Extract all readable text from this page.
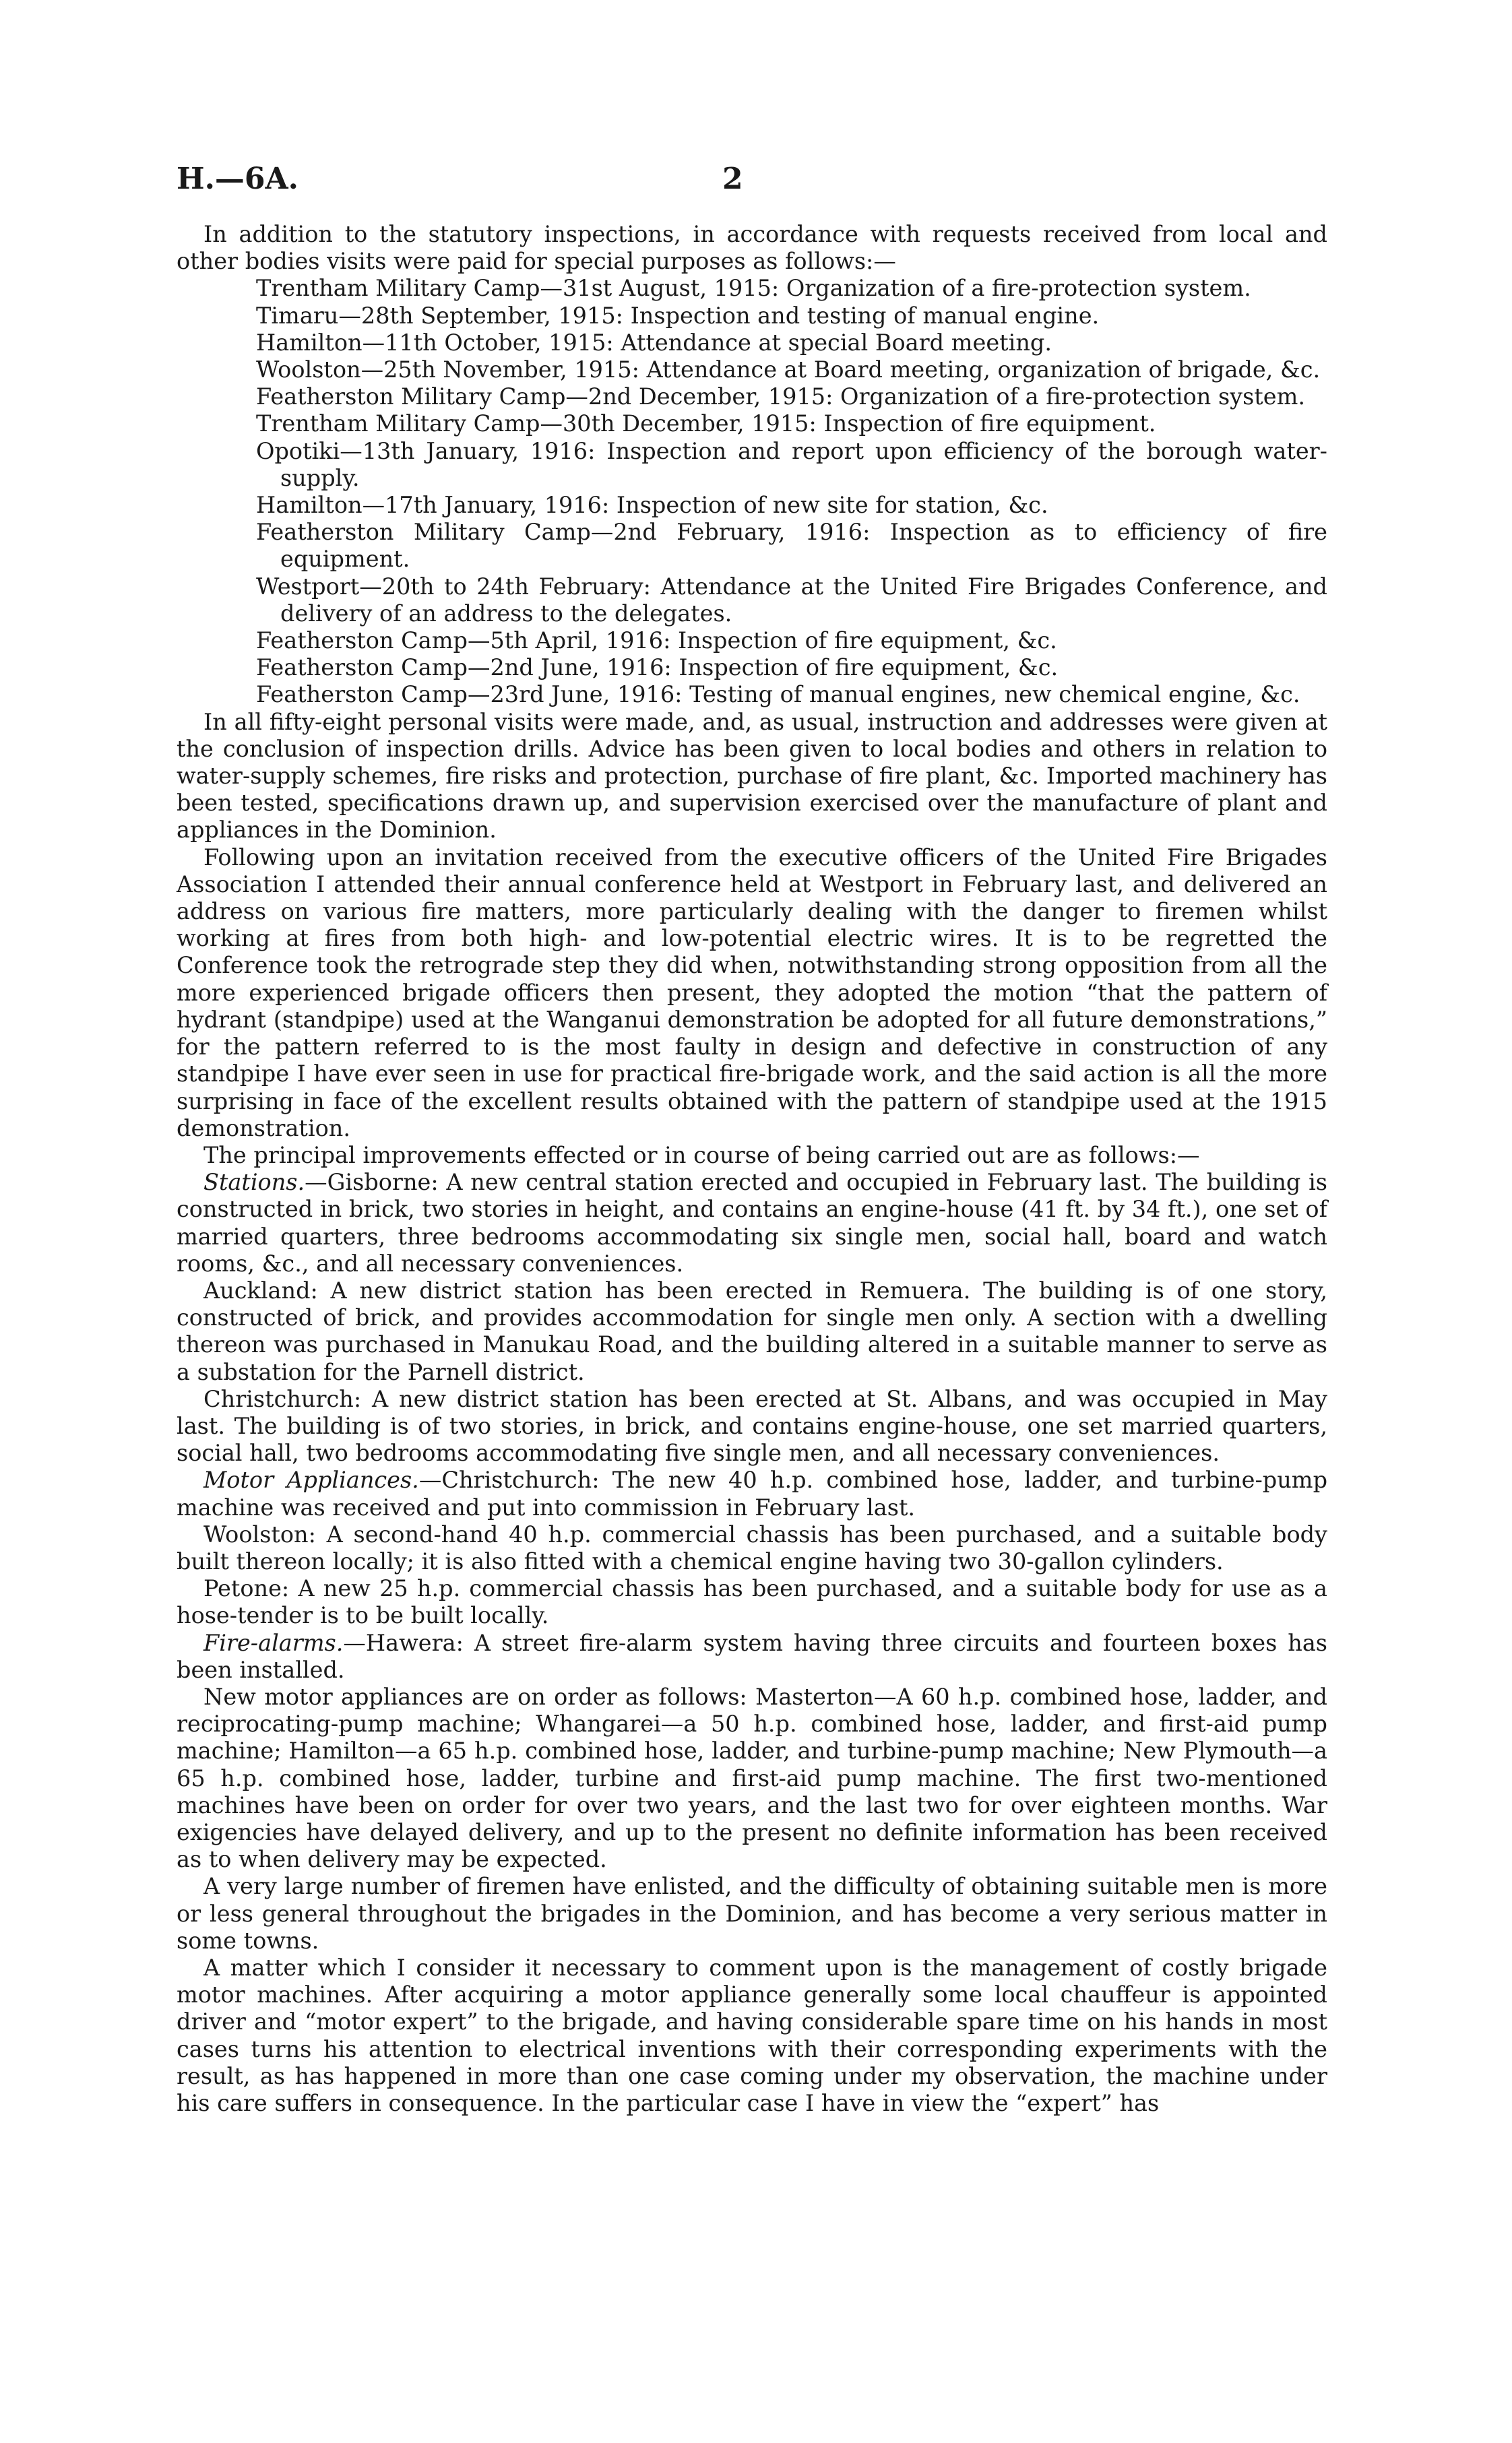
H.—6A.	2

In addition to the statutory inspections, in accordance with requests received from local and other bodies visits were paid for special purposes as follows:—

Trentham Military Camp—31st August, 1915: Organization of a fire-protection system.

Timaru—28th September, 1915: Inspection and testing of manual engine.

Hamilton—11th October, 1915: Attendance at special Board meeting.

Woolston—25th November, 1915: Attendance at Board meeting, organization of brigade, &c.

Featherston Military Camp—2nd December, 1915: Organization of a fire-protection system.

Trentham Military Camp—30th December, 1915: Inspection of fire equipment.

Opotiki—13th January, 1916: Inspection and report upon efficiency of the borough water-supply.

Hamilton—17th January, 1916: Inspection of new site for station, &c.

Featherston Military Camp—2nd February, 1916: Inspection as to efficiency of fire equipment.

Westport—20th to 24th February: Attendance at the United Fire Brigades Conference, and delivery of an address to the delegates.

Featherston Camp—5th April, 1916: Inspection of fire equipment, &c.

Featherston Camp—2nd June, 1916: Inspection of fire equipment, &c.

Featherston Camp—23rd June, 1916: Testing of manual engines, new chemical engine, &c.

In all fifty-eight personal visits were made, and, as usual, instruction and addresses were given at the conclusion of inspection drills. Advice has been given to local bodies and others in relation to water-supply schemes, fire risks and protection, purchase of fire plant, &c. Imported machinery has been tested, specifications drawn up, and supervision exercised over the manufacture of plant and appliances in the Dominion.

Following upon an invitation received from the executive officers of the United Fire Brigades Association I attended their annual conference held at Westport in February last, and delivered an address on various fire matters, more particularly dealing with the danger to firemen whilst working at fires from both high- and low-potential electric wires. It is to be regretted the Conference took the retrograde step they did when, notwithstanding strong opposition from all the more experienced brigade officers then present, they adopted the motion “that the pattern of hydrant (standpipe) used at the Wanganui demonstration be adopted for all future demonstrations,” for the pattern referred to is the most faulty in design and defective in construction of any standpipe I have ever seen in use for practical fire-brigade work, and the said action is all the more surprising in face of the excellent results obtained with the pattern of standpipe used at the 1915 demonstration.

The principal improvements effected or in course of being carried out are as follows:—

Stations.—Gisborne: A new central station erected and occupied in February last. The building is constructed in brick, two stories in height, and contains an engine-house (41 ft. by 34 ft.), one set of married quarters, three bedrooms accommodating six single men, social hall, board and watch rooms, &c., and all necessary conveniences.

Auckland: A new district station has been erected in Remuera. The building is of one story, constructed of brick, and provides accommodation for single men only. A section with a dwelling thereon was purchased in Manukau Road, and the building altered in a suitable manner to serve as a substation for the Parnell district.

Christchurch: A new district station has been erected at St. Albans, and was occupied in May last. The building is of two stories, in brick, and contains engine-house, one set married quarters, social hall, two bedrooms accommodating five single men, and all necessary conveniences.

Motor Appliances.—Christchurch: The new 40 h.p. combined hose, ladder, and turbine-pump machine was received and put into commission in February last.

Woolston: A second-hand 40 h.p. commercial chassis has been purchased, and a suitable body built thereon locally; it is also fitted with a chemical engine having two 30-gallon cylinders.

Petone: A new 25 h.p. commercial chassis has been purchased, and a suitable body for use as a hose-tender is to be built locally.

Fire-alarms.—Hawera: A street fire-alarm system having three circuits and fourteen boxes has been installed.

New motor appliances are on order as follows: Masterton—A 60 h.p. combined hose, ladder, and reciprocating-pump machine; Whangarei—a 50 h.p. combined hose, ladder, and first-aid pump machine; Hamilton—a 65 h.p. combined hose, ladder, and turbine-pump machine; New Plymouth—a 65 h.p. combined hose, ladder, turbine and first-aid pump machine. The first two-mentioned machines have been on order for over two years, and the last two for over eighteen months. War exigencies have delayed delivery, and up to the present no definite information has been received as to when delivery may be expected.

A very large number of firemen have enlisted, and the difficulty of obtaining suitable men is more or less general throughout the brigades in the Dominion, and has become a very serious matter in some towns.

A matter which I consider it necessary to comment upon is the management of costly brigade motor machines. After acquiring a motor appliance generally some local chauffeur is appointed driver and “motor expert” to the brigade, and having considerable spare time on his hands in most cases turns his attention to electrical inventions with their corresponding experiments with the result, as has happened in more than one case coming under my observation, the machine under his care suffers in consequence. In the particular case I have in view the “expert” has
